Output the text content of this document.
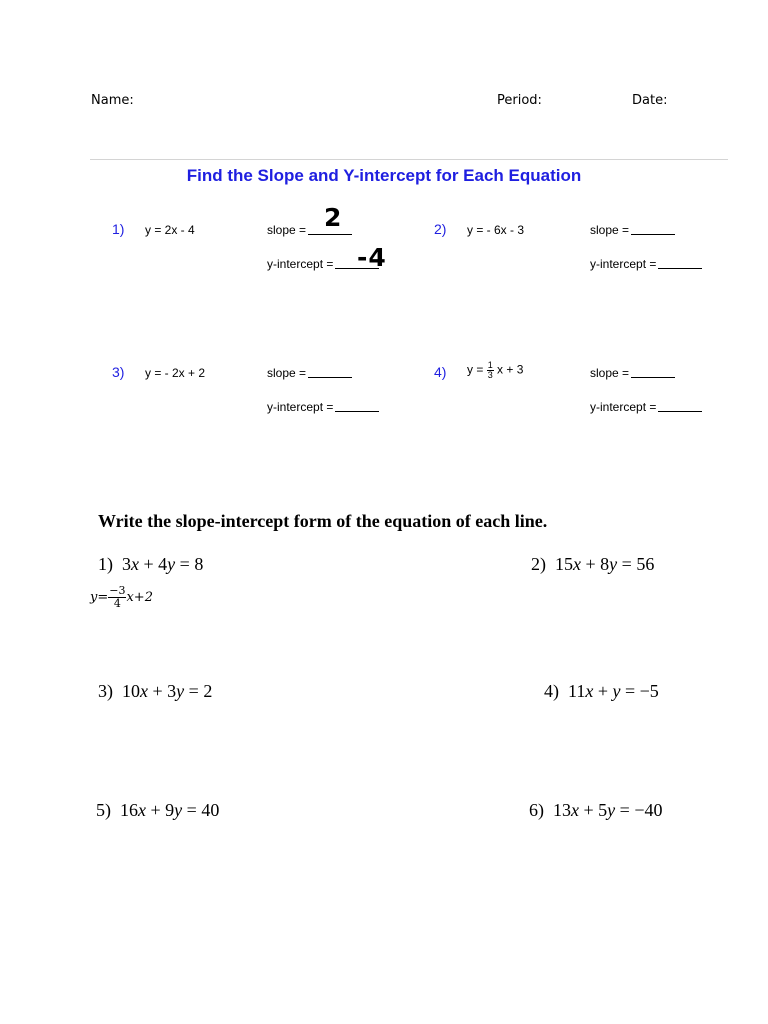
Name:	Period:	Date:
Find the Slope and Y-intercept for Each Equation
1) y = 2x - 4	slope = 2
y-intercept = -4
2) y = - 6x - 3	slope =
y-intercept =
3) y = - 2x + 2	slope =
y-intercept =
4) $y = \frac{1}{3}$ x + 3	slope =
y-intercept =
Write the slope-intercept form of the equation of each line.
1) 3x + 4y = 8
$y= \frac{-3}{4} x+2$
2) 15x + 8y = 56
3) 10x + 3y = 2	4) 11x + y = −5
5) 16x + 9y = 40	6) 13x + 5y = −40
